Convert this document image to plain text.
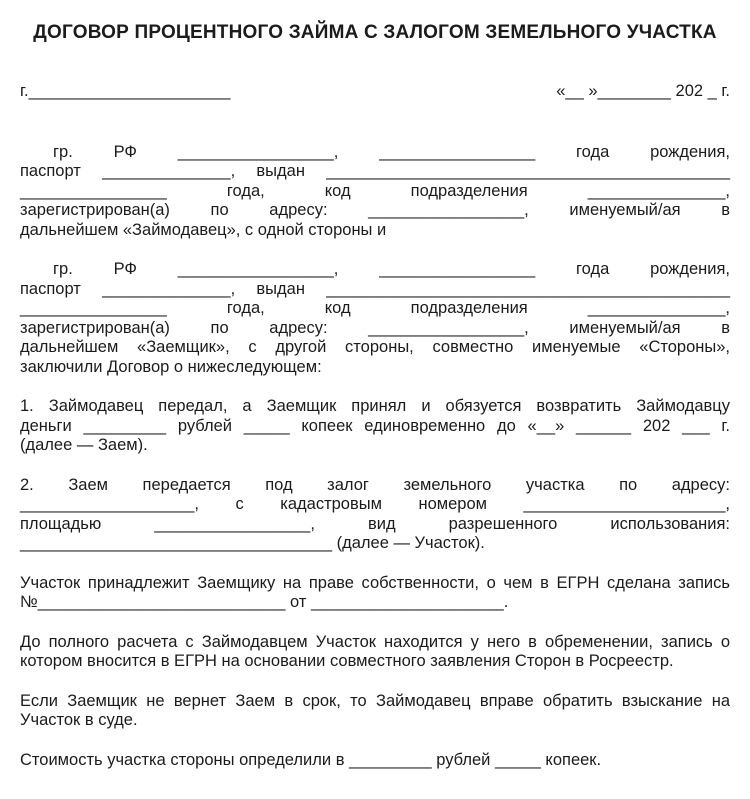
ДОГОВОР ПРОЦЕНТНОГО ЗАЙМА С ЗАЛОГОМ ЗЕМЕЛЬНОГО УЧАСТКА
г.______________________	«__ »________ 202 _ г.

гр. РФ _________________, _________________ года рождения,
паспорт ______________, выдан ____________________________________________
________________ года, код подразделения _______________,
зарегистрирован(а) по адресу: _________________, именуемый/ая в
дальнейшем «Займодавец», с одной стороны и

гр. РФ _________________, _________________ года рождения,
паспорт ______________, выдан ____________________________________________
________________ года, код подразделения _______________,
зарегистрирован(а) по адресу: _________________, именуемый/ая в
дальнейшем «Заемщик», с другой стороны, совместно именуемые «Стороны»,
заключили Договор о нижеследующем:

1. Займодавец передал, а Заемщик принял и обязуется возвратить Займодавцу
деньги _________ рублей _____ копеек единовременно до «__» ______ 202 ___ г.
(далее — Заем).

2. Заем передается под залог земельного участка по адресу:
___________________, с кадастровым номером ______________________,
площадью _________________, вид разрешенного использования:
__________________________________ (далее — Участок).

Участок принадлежит Заемщику на праве собственности, о чем в ЕГРН сделана запись
№___________________________ от _____________________.

До полного расчета с Займодавцем Участок находится у него в обременении, запись о
котором вносится в ЕГРН на основании совместного заявления Сторон в Росреестр.

Если Заемщик не вернет Заем в срок, то Займодавец вправе обратить взыскание на
Участок в суде.

Стоимость участка стороны определили в _________ рублей _____ копеек.
